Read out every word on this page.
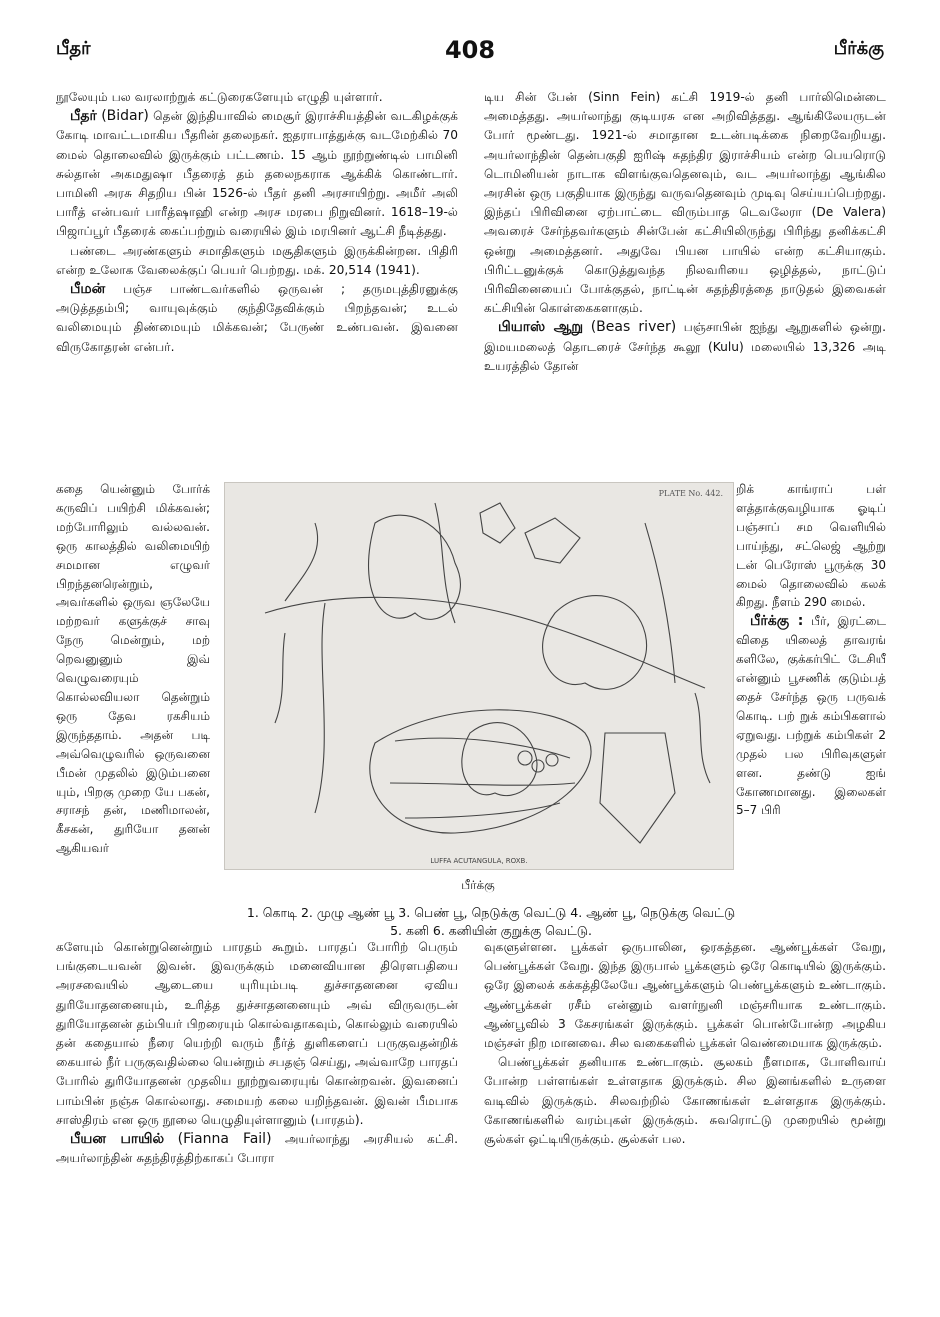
பீதர்	408	பீர்க்கு

நூலேயும் பல வரலாற்றுக் கட்டுரைகளேயும் எழுதி யுள்ளார்.

பீதர் (Bidar) தென் இந்தியாவில் மைசூர் இராச்சியத்தின் வடகிழக்குக் கோடி மாவட்டமாகிய பீதரின் தலைநகர். ஐதராபாத்துக்கு வடமேற்கில் 70 மைல் தொலைவில் இருக்கும் பட்டணம். 15 ஆம் நூற்றுண்டில் பாமினி சுல்தான் அகமதுஷா பீதரைத் தம் தலைநகராக ஆக்கிக் கொண்டார். பாமினி அரசு சிதறிய பின் 1526-ல் பீதர் தனி அரசாயிற்று. அமீர் அலி பாரீத் என்பவர் பாரீத்ஷாஹி என்ற அரச மரபை நிறுவினர். 1618–19-ல் பிஜாப்பூர் பீதரைக் கைப்பற்றும் வரையில் இம் மரபினர் ஆட்சி நீடித்தது.

பண்டை அரண்களும் சமாதிகளும் மசூதிகளும் இருக்கின்றன. பிதிரி என்ற உலோக வேலைக்குப் பெயர் பெற்றது. மக். 20,514 (1941).

பீமன் பஞ்ச பாண்டவர்களில் ஒருவன் ; தருமபுத்திரனுக்கு அடுத்ததம்பி; வாயுவுக்கும் குந்திதேவிக்கும் பிறந்தவன்; உடல் வலிமையும் திண்மையும் மிக்கவன்; பேருண் உண்பவன். இவனை விருகோதரன் என்பர்.

டிய சின் பேன் (Sinn Fein) கட்சி 1919-ல் தனி பார்லிமென்டை அமைத்தது. அயர்லாந்து குடியரசு என அறிவித்தது. ஆங்கிலேயருடன் போர் மூண்டது. 1921-ல் சமாதான உடன்படிக்கை நிறைவேறியது. அயர்லாந்தின் தென்பகுதி ஐரிஷ் சுதந்திர இராச்சியம் என்ற பெயரொடு டொமினியன் நாடாக விளங்குவதெனவும், வட அயர்லாந்து ஆங்கில அரசின் ஒரு பகுதியாக இருந்து வருவதெனவும் முடிவு செய்யப்பெற்றது. இந்தப் பிரிவினை ஏற்பாட்டை விரும்பாத டெவலேரா (De Valera) அவரைச் சேர்ந்தவர்களும் சின்பேன் கட்சியிலிருந்து பிரிந்து தனிக்கட்சி ஒன்று அமைத்தனர். அதுவே பியன பாயில் என்ற கட்சியாகும். பிரிட்டனுக்குக் கொடுத்துவந்த நிலவரியை ஒழித்தல், நாட்டுப் பிரிவினையைப் போக்குதல், நாட்டின் சுதந்திரத்தை நாடுதல் இவைகள் கட்சியின் கொள்கைகளாகும்.

பியாஸ் ஆறு (Beas river) பஞ்சாபின் ஐந்து ஆறுகளில் ஒன்று. இமயமலைத் தொடரைச் சேர்ந்த கூலூ (Kulu) மலையில் 13,326 அடி உயரத்தில் தோன்

கதை யென்னும் போர்க் கருவிப் பயிற்சி மிக்கவன்; மற்போரிலும் வல்லவன். ஒரு காலத்தில் வலிமையிற் சமமான எழுவர் பிறந்தனரென்றும், அவர்களில் ஒருவ ஞலேயே மற்றவர் களுக்குச் சாவு நேரு மென்றும், மற் றெவனுனும் இவ் வெழுவரையும் கொல்லவியலா தென்றும் ஒரு தேவ ரகசியம் இருந்ததாம். அதன் படி அவ்வெழுவரில் ஒருவனை பீமன் முதலில் இடும்பனை யும், பிறகு முறை யே பகன், சராசந் தன், மணிமாலன், கீசகன், துரியோ தனன் ஆகியவர்

றிக் காங்ராப் பள் ளத்தாக்குவழியாக ஓடிப் பஞ்சாப் சம வெளியில் பாய்ந்து, சட்லெஜ் ஆற்று டன் பெரோஸ் பூருக்கு 30 மைல் தொலைவில் கலக் கிறது. நீளம் 290 மைல்.

பீர்க்கு : பீர், இரட்டை விதை யிலைத் தாவரங் களிலே, குக்கர்பிட் டேசியீ என்னும் பூசணிக் குடும்பத் தைச் சேர்ந்த ஒரு பருவக் கொடி. பற் றுக் கம்பிகளால் ஏறுவது. பற்றுக் கம்பிகள் 2 முதல் பல பிரிவுகளுள் ளன. தண்டு ஐங் கோணமானது. இலைகள் 5–7 பிரி

PLATE No. 442.
LUFFA ACUTANGULA, ROXB.
பீர்க்கு
1. கொடி 2. முழு ஆண் பூ 3. பெண் பூ, நெடுக்கு வெட்டு 4. ஆண் பூ, நெடுக்கு வெட்டு 5. கனி 6. கனியின் குறுக்கு வெட்டு.

களேயும் கொன்றுனென்றும் பாரதம் கூறும். பாரதப் போரிற் பெரும் பங்குடையவன் இவன். இவருக்கும் மனைவியான திரௌபதியை அரசவையில் ஆடையை யுரியும்படி துச்சாதனனை ஏவிய துரியோதனனையும், உரித்த துச்சாதனனையும் அவ் விருவருடன் துரியோதனன் தம்பியர் பிறரையும் கொல்வதாகவும், கொல்லும் வரையில் தன் கதையால் நீரை யெற்றி வரும் நீர்த் துளிகளைப் பருகுவதன்றிக் கையால் நீர் பருகுவதில்லை யென்றும் சபதஞ் செய்து, அவ்வாறே பாரதப் போரில் துரியோதனன் முதலிய நூற்றுவரையுங் கொன்றவன். இவனைப் பாம்பின் நஞ்சு கொல்லாது. சமையற் கலை யறிந்தவன். இவன் பீமபாக சாஸ்திரம் என ஒரு நூலை யெழுதியுள்ளானும் (பாரதம்).

பீயன பாயில் (Fianna Fail) அயர்லாந்து அரசியல் கட்சி. அயர்லாந்தின் சுதந்திரத்திற்காகப் போரா

வுகளுள்ளன. பூக்கள் ஒருபாலின, ஒரகத்தன. ஆண்பூக்கள் வேறு, பெண்பூக்கள் வேறு. இந்த இருபால் பூக்களும் ஒரே கொடியில் இருக்கும். ஒரே இலைக் கக்கத்திலேயே ஆண்பூக்களும் பெண்பூக்களும் உண்டாகும். ஆண்பூக்கள் ரசீம் என்னும் வளர்நுனி மஞ்சரியாக உண்டாகும். ஆண்பூவில் 3 கேசரங்கள் இருக்கும். பூக்கள் பொன்போன்ற அழகிய மஞ்சள் நிற மானவை. சில வகைகளில் பூக்கள் வெண்மையாக இருக்கும்.

பெண்பூக்கள் தனியாக உண்டாகும். சூலகம் நீளமாக, போளிவாய் போன்ற பள்ளங்கள் உள்ளதாக இருக்கும். சில இனங்களில் உருளை வடிவில் இருக்கும். சிலவற்றில் கோணங்கள் உள்ளதாக இருக்கும். கோணங்களில் வரம்புகள் இருக்கும். சுவரொட்டு முறையில் மூன்று சூல்கள் ஒட்டியிருக்கும். சூல்கள் பல.
